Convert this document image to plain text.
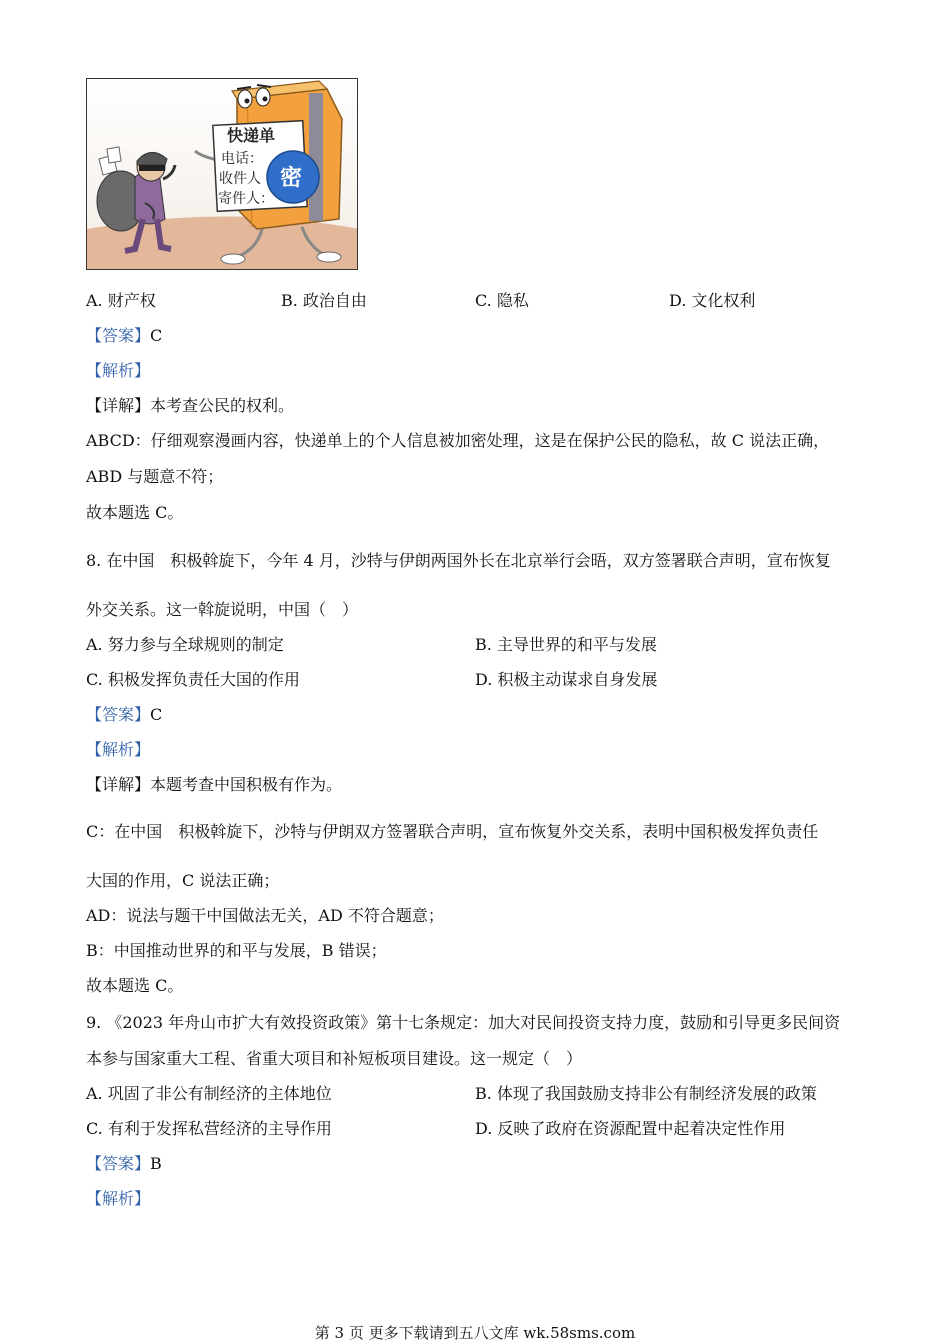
快递单
电话：
收件人
寄件人：
密
A. 财产权	B. 政治自由	C. 隐私	D. 文化权利
【答案】C
【解析】
【详解】本考查公民的权利。
ABCD：仔细观察漫画内容，快递单上的个人信息被加密处理，这是在保护公民的隐私，故 C 说法正确，
ABD 与题意不符；
故本题选 C。
8. 在中国　积极斡旋下，今年 4 月，沙特与伊朗两国外长在北京举行会晤，双方签署联合声明，宣布恢复
外交关系。这一斡旋说明，中国（　）
A. 努力参与全球规则的制定	B. 主导世界的和平与发展
C. 积极发挥负责任大国的作用	D. 积极主动谋求自身发展
【答案】C
【解析】
【详解】本题考查中国积极有作为。
C：在中国　积极斡旋下，沙特与伊朗双方签署联合声明，宣布恢复外交关系，表明中国积极发挥负责任
大国的作用，C 说法正确；
AD：说法与题干中国做法无关，AD 不符合题意；
B：中国推动世界的和平与发展，B 错误；
故本题选 C。
9. 《2023 年舟山市扩大有效投资政策》第十七条规定：加大对民间投资支持力度，鼓励和引导更多民间资
本参与国家重大工程、省重大项目和补短板项目建设。这一规定（　）
A. 巩固了非公有制经济的主体地位	B. 体现了我国鼓励支持非公有制经济发展的政策
C. 有利于发挥私营经济的主导作用	D. 反映了政府在资源配置中起着决定性作用
【答案】B
【解析】
第 3 页 更多下载请到五八文库 wk.58sms.com
